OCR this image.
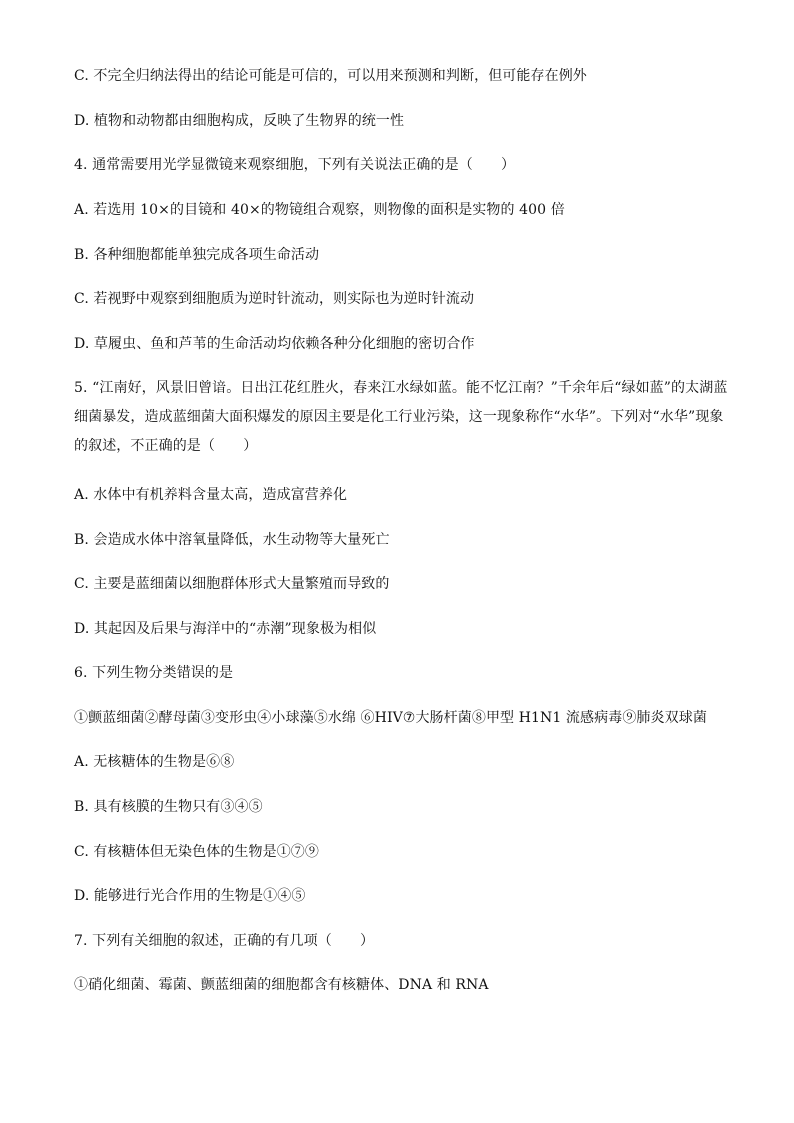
C. 不完全归纳法得出的结论可能是可信的，可以用来预测和判断，但可能存在例外
D. 植物和动物都由细胞构成，反映了生物界的统一性
4. 通常需要用光学显微镜来观察细胞，下列有关说法正确的是（　　）
A. 若选用 10×的目镜和 40×的物镜组合观察，则物像的面积是实物的 400 倍
B. 各种细胞都能单独完成各项生命活动
C. 若视野中观察到细胞质为逆时针流动，则实际也为逆时针流动
D. 草履虫、鱼和芦苇的生命活动均依赖各种分化细胞的密切合作
5. “江南好，风景旧曾谙。日出江花红胜火，春来江水绿如蓝。能不忆江南？”千余年后“绿如蓝”的太湖蓝细菌暴发，造成蓝细菌大面积爆发的原因主要是化工行业污染，这一现象称作“水华”。下列对“水华”现象的叙述，不正确的是（　　）
A. 水体中有机养料含量太高，造成富营养化
B. 会造成水体中溶氧量降低，水生动物等大量死亡
C. 主要是蓝细菌以细胞群体形式大量繁殖而导致的
D. 其起因及后果与海洋中的“赤潮”现象极为相似
6. 下列生物分类错误的是
①颤蓝细菌②酵母菌③变形虫④小球藻⑤水绵 ⑥HIV⑦大肠杆菌⑧甲型 H1N1 流感病毒⑨肺炎双球菌
A. 无核糖体的生物是⑥⑧
B. 具有核膜的生物只有③④⑤
C. 有核糖体但无染色体的生物是①⑦⑨
D. 能够进行光合作用的生物是①④⑤
7. 下列有关细胞的叙述，正确的有几项（　　）
①硝化细菌、霉菌、颤蓝细菌的细胞都含有核糖体、DNA 和 RNA
